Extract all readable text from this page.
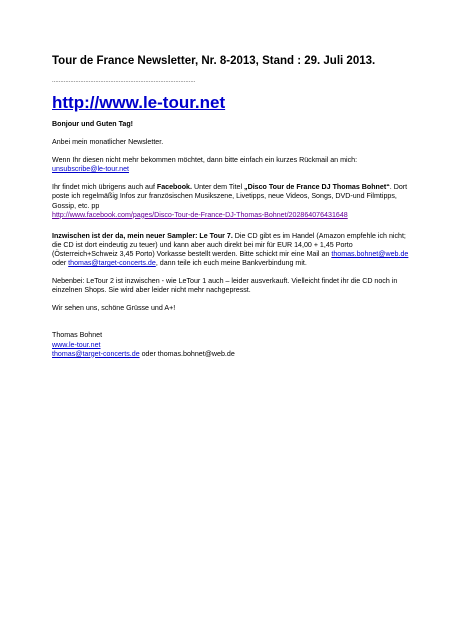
Tour de France Newsletter, Nr. 8-2013, Stand : 29. Juli 2013.
......................................................................................
http://www.le-tour.net

Bonjour und Guten Tag!

Anbei mein monatlicher Newsletter.

Wenn Ihr diesen nicht mehr bekommen möchtet, dann bitte einfach ein kurzes Rückmail an mich:
unsubscribe@le-tour.net

Ihr findet mich übrigens auch auf Facebook. Unter dem Titel „Disco Tour de France DJ Thomas Bohnet“. Dort poste ich regelmäßig Infos zur französischen Musikszene, Livetipps, neue Videos, Songs, DVD-und Filmtipps, Gossip, etc. pp
http://www.facebook.com/pages/Disco-Tour-de-France-DJ-Thomas-Bohnet/202864076431648

Inzwischen ist der da, mein neuer Sampler: Le Tour 7. Die CD gibt es im Handel (Amazon empfehle ich nicht; die CD ist dort eindeutig zu teuer) und kann aber auch direkt bei mir für EUR 14,00 + 1,45 Porto (Österreich+Schweiz 3,45 Porto) Vorkasse bestellt werden. Bitte schickt mir eine Mail an thomas.bohnet@web.de oder thomas@target-concerts.de, dann teile ich euch meine Bankverbindung mit.

Nebenbei: LeTour 2 ist inzwischen - wie LeTour 1 auch – leider ausverkauft. Vielleicht findet ihr die CD noch in einzelnen Shops. Sie wird aber leider nicht mehr nachgepresst.

Wir sehen uns, schöne Grüsse und A+!

Thomas Bohnet
www.le-tour.net
thomas@target-concerts.de oder thomas.bohnet@web.de
